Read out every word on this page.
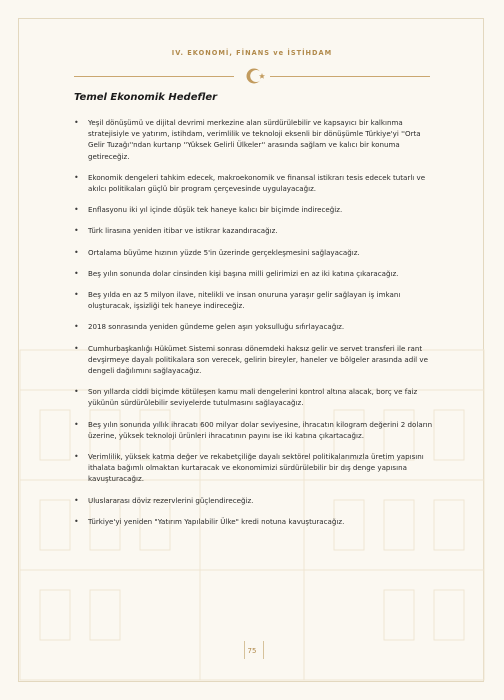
IV. EKONOMİ, FİNANS ve İSTİHDAM
Temel Ekonomik Hedefler
• Yeşil dönüşümü ve dijital devrimi merkezine alan sürdürülebilir ve kapsayıcı bir kalkınma stratejisiyle ve yatırım, istihdam, verimlilik ve teknoloji eksenli bir dönüşümle Türkiye'yi ''Orta Gelir Tuzağı''ndan kurtarıp ''Yüksek Gelirli Ülkeler'' arasında sağlam ve kalıcı bir konuma getireceğiz.
• Ekonomik dengeleri tahkim edecek, makroekonomik ve finansal istikrarı tesis edecek tutarlı ve akılcı politikaları güçlü bir program çerçevesinde uygulayacağız.
• Enflasyonu iki yıl içinde düşük tek haneye kalıcı bir biçimde indireceğiz.
• Türk lirasına yeniden itibar ve istikrar kazandıracağız.
• Ortalama büyüme hızının yüzde 5'in üzerinde gerçekleşmesini sağlayacağız.
• Beş yılın sonunda dolar cinsinden kişi başına milli gelirimizi en az iki katına çıkaracağız.
• Beş yılda en az 5 milyon ilave, nitelikli ve insan onuruna yaraşır gelir sağlayan iş imkanı oluşturacak, işsizliği tek haneye indireceğiz.
• 2018 sonrasında yeniden gündeme gelen aşırı yoksulluğu sıfırlayacağız.
• Cumhurbaşkanlığı Hükümet Sistemi sonrası dönemdeki haksız gelir ve servet transferi ile rant devşirmeye dayalı politikalara son verecek, gelirin bireyler, haneler ve bölgeler arasında adil ve dengeli dağılımını sağlayacağız.
• Son yıllarda ciddi biçimde kötüleşen kamu mali dengelerini kontrol altına alacak, borç ve faiz yükünün sürdürülebilir seviyelerde tutulmasını sağlayacağız.
• Beş yılın sonunda yıllık ihracatı 600 milyar dolar seviyesine, ihracatın kilogram değerini 2 doların üzerine, yüksek teknoloji ürünleri ihracatının payını ise iki katına çıkartacağız.
• Verimlilik, yüksek katma değer ve rekabetçiliğe dayalı sektörel politikalarımızla üretim yapısını ithalata bağımlı olmaktan kurtaracak ve ekonomimizi sürdürülebilir bir dış denge yapısına kavuşturacağız.
• Uluslararası döviz rezervlerini güçlendireceğiz.
• Türkiye'yi yeniden "Yatırım Yapılabilir Ülke" kredi notuna kavuşturacağız.
75
